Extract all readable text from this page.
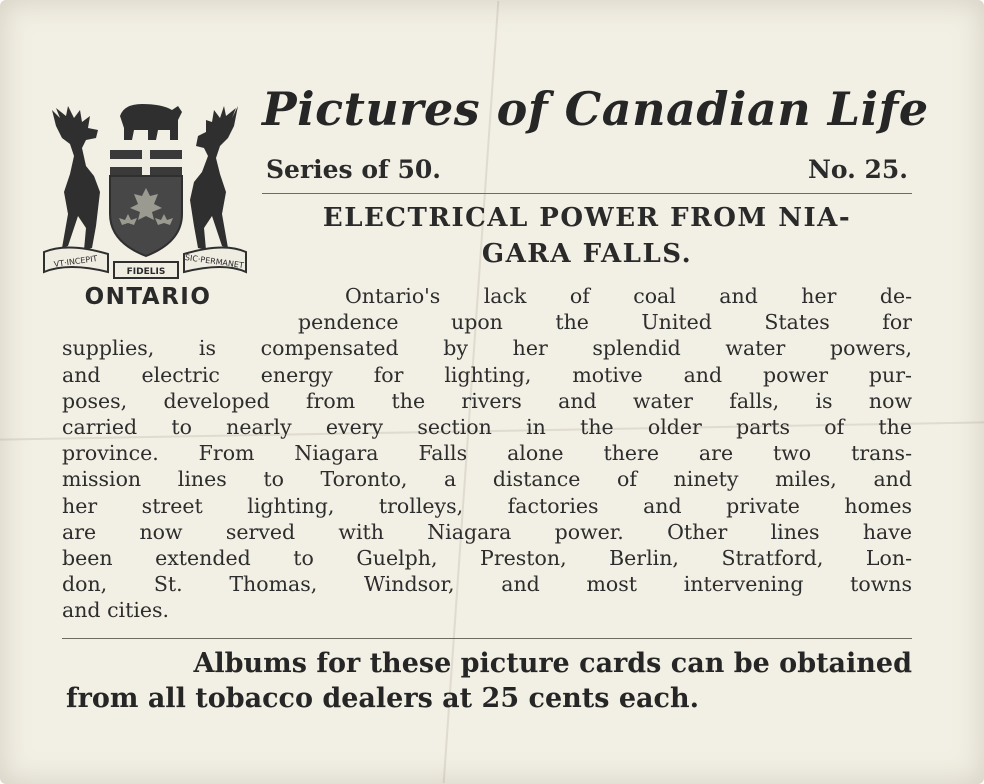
VT·INCEPIT
FIDELIS
SIC·PERMANET
ONTARIO
Pictures of Canadian Life
Series of 50.	No. 25.
ELECTRICAL POWER FROM NIA-
GARA FALLS.
Ontario's lack of coal and her de-
pendence upon the United States for
supplies, is compensated by her splendid water powers,
and electric energy for lighting, motive and power pur-
poses, developed from the rivers and water falls, is now
carried to nearly every section in the older parts of the
province. From Niagara Falls alone there are two trans-
mission lines to Toronto, a distance of ninety miles, and
her street lighting, trolleys, factories and private homes
are now served with Niagara power. Other lines have
been extended to Guelph, Preston, Berlin, Stratford, Lon-
don, St. Thomas, Windsor, and most intervening towns
and cities.
Albums for these picture cards can be obtained
from all tobacco dealers at 25 cents each.
